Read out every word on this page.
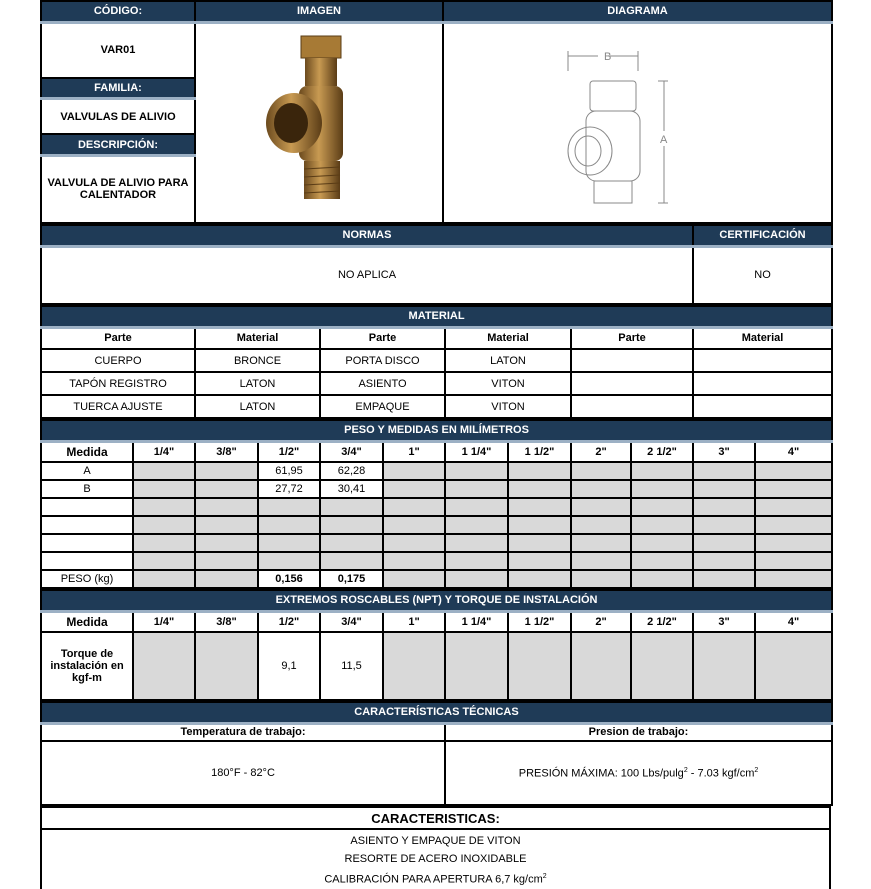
CÓDIGO:	IMAGEN	DIAGRAMA
VAR01		B
A

FAMILIA:		
VALVULAS DE ALIVIO		
DESCRIPCIÓN:		
VALVULA DE ALIVIO PARA CALENTADOR		
NORMAS	CERTIFICACIÓN
NO APLICA	NO
MATERIAL					
Parte	Material	Parte	Material	Parte	Material
CUERPO	BRONCE	PORTA DISCO	LATON		
TAPÓN REGISTRO	LATON	ASIENTO	VITON		
TUERCA AJUSTE	LATON	EMPAQUE	VITON		
PESO Y MEDIDAS EN MILÍMETROS											
Medida	1/4"	3/8"	1/2"	3/4"	1"	1 1/4"	1 1/2"	2"	2 1/2"	3"	4"
A			61,95	62,28							
B			27,72	30,41							

PESO (kg)			0,156	0,175							
EXTREMOS ROSCABLES (NPT) Y TORQUE DE INSTALACIÓN											
Medida	1/4"	3/8"	1/2"	3/4"	1"	1 1/4"	1 1/2"	2"	2 1/2"	3"	4"
Torque de instalación en kgf-m			9,1	11,5							
CARACTERÍSTICAS TÉCNICAS	
Temperatura de trabajo:	Presion de trabajo:
180°F - 82°C	PRESIÓN MÁXIMA: 100 Lbs/pulg$^2$ - 7.03 kgf/$cm^2$
CARACTERISTICAS:

ASIENTO Y EMPAQUE DE VITON
RESORTE DE ACERO INOXIDABLE
CALIBRACIÓN PARA APERTURA 6,7 $kg/cm^2$
